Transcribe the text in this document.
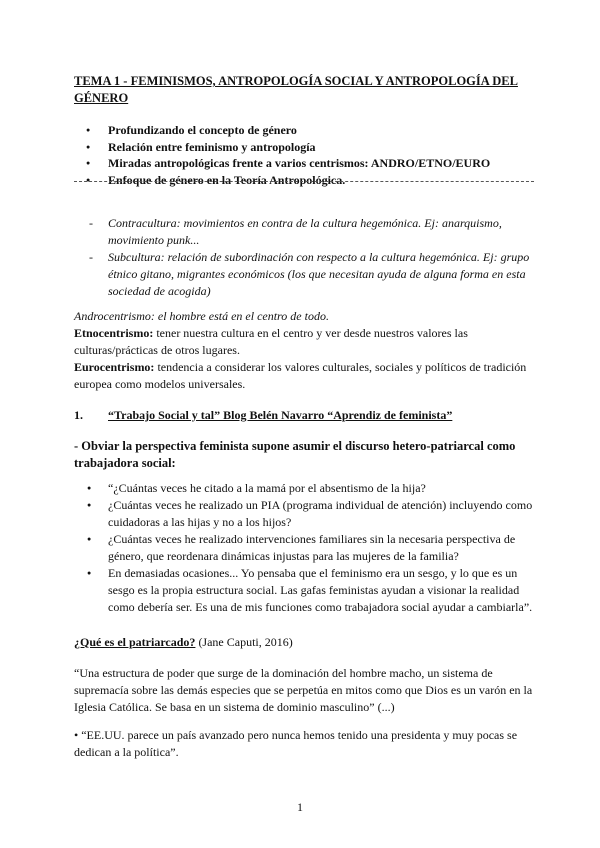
TEMA 1 - FEMINISMOS, ANTROPOLOGÍA SOCIAL Y ANTROPOLOGÍA DEL GÉNERO
● Profundizando el concepto de género
● Relación entre feminismo y antropología
● Miradas antropológicas frente a varios centrismos: ANDRO/ETNO/EURO
● Enfoque de género en la Teoría Antropológica.
- Contracultura: movimientos en contra de la cultura hegemónica. Ej: anarquismo, movimiento punk...
- Subcultura: relación de subordinación con respecto a la cultura hegemónica. Ej: grupo étnico gitano, migrantes económicos (los que necesitan ayuda de alguna forma en esta sociedad de acogida)
Androcentrismo: el hombre está en el centro de todo.
Etnocentrismo: tener nuestra cultura en el centro y ver desde nuestros valores las culturas/prácticas de otros lugares.
Eurocentrismo: tendencia a considerar los valores culturales, sociales y políticos de tradición europea como modelos universales.
1. “Trabajo Social y tal” Blog Belén Navarro “Aprendiz de feminista”
- Obviar la perspectiva feminista supone asumir el discurso hetero-patriarcal como trabajadora social:
● “¿Cuántas veces he citado a la mamá por el absentismo de la hija?
● ¿Cuántas veces he realizado un PIA (programa individual de atención) incluyendo como cuidadoras a las hijas y no a los hijos?
● ¿Cuántas veces he realizado intervenciones familiares sin la necesaria perspectiva de género, que reordenara dinámicas injustas para las mujeres de la familia?
● En demasiadas ocasiones... Yo pensaba que el feminismo era un sesgo, y lo que es un sesgo es la propia estructura social. Las gafas feministas ayudan a visionar la realidad como debería ser. Es una de mis funciones como trabajadora social ayudar a cambiarla”.
¿Qué es el patriarcado? (Jane Caputi, 2016)
“Una estructura de poder que surge de la dominación del hombre macho, un sistema de supremacía sobre las demás especies que se perpetúa en mitos como que Dios es un varón en la Iglesia Católica. Se basa en un sistema de dominio masculino” (...)
• “EE.UU. parece un país avanzado pero nunca hemos tenido una presidenta y muy pocas se dedican a la política”.
1
